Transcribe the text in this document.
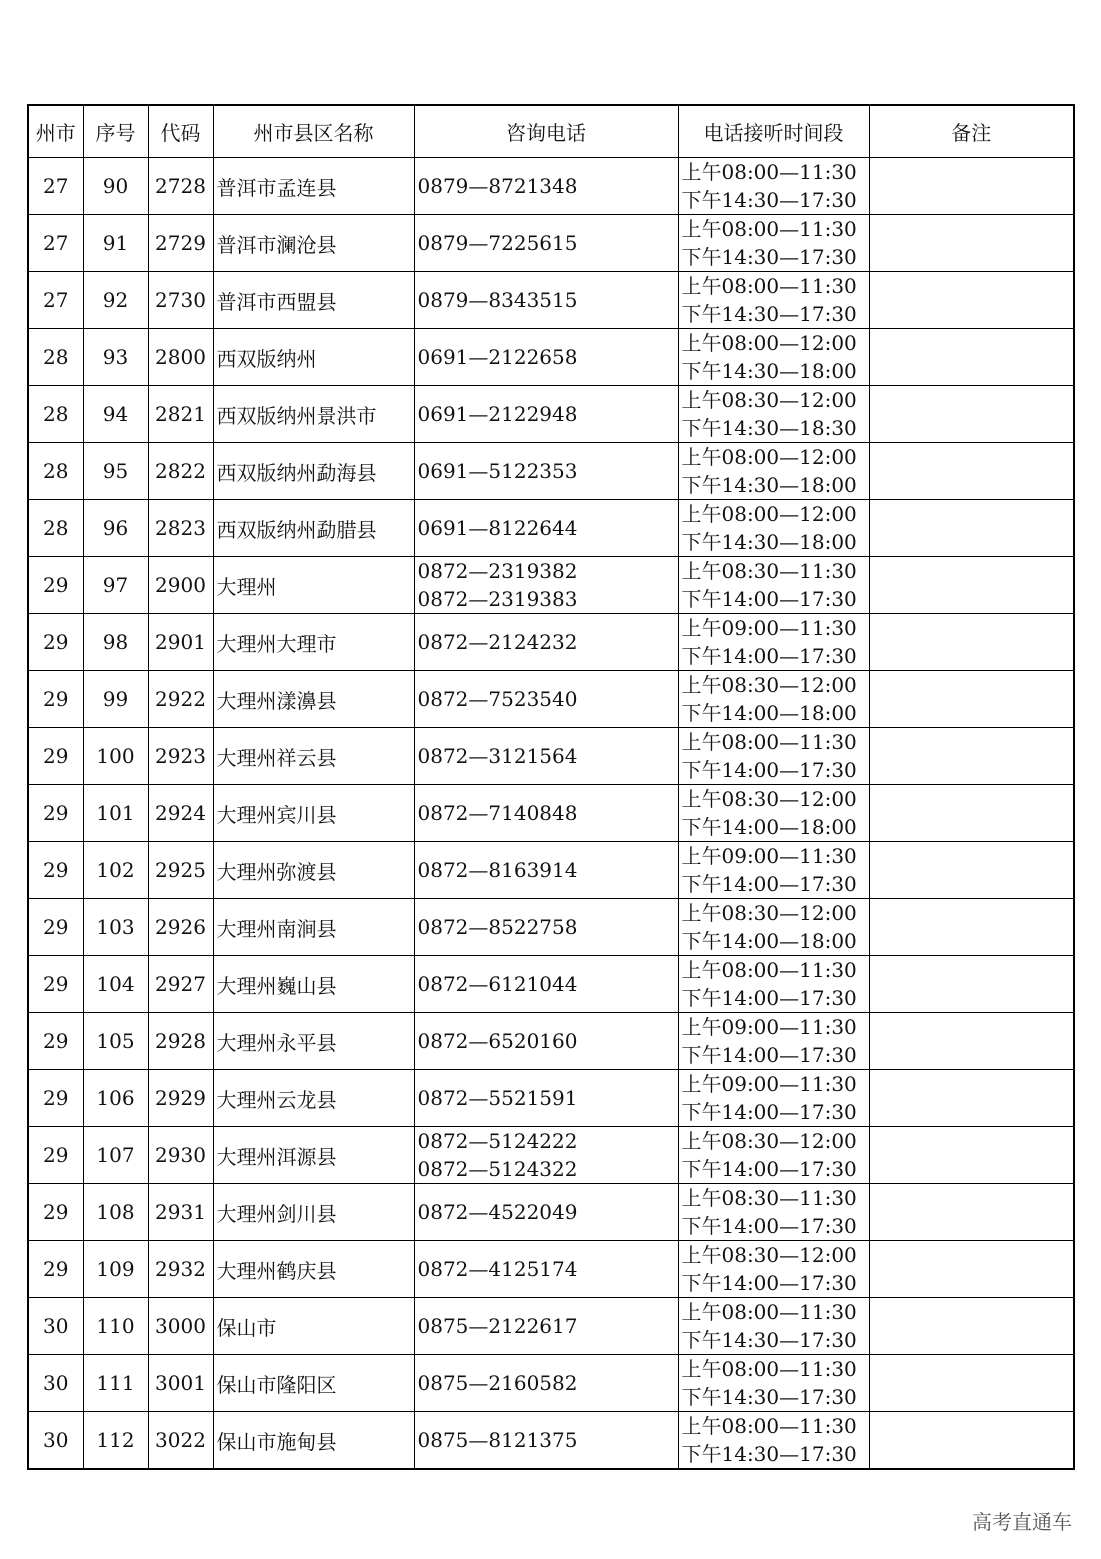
州市	序号	代码	州市县区名称	咨询电话	电话接听时间段	备注
27	90	2728	普洱市孟连县	0879—8721348	上午08:00—11:30
下午14:30—17:30	

27	91	2729	普洱市澜沧县	0879—7225615	上午08:00—11:30
下午14:30—17:30	

27	92	2730	普洱市西盟县	0879—8343515	上午08:00—11:30
下午14:30—17:30	

28	93	2800	西双版纳州	0691—2122658	上午08:00—12:00
下午14:30—18:00	

28	94	2821	西双版纳州景洪市	0691—2122948	上午08:30—12:00
下午14:30—18:30	

28	95	2822	西双版纳州勐海县	0691—5122353	上午08:00—12:00
下午14:30—18:00	

28	96	2823	西双版纳州勐腊县	0691—8122644	上午08:00—12:00
下午14:30—18:00	

29	97	2900	大理州	0872—2319382
0872—2319383	上午08:30—11:30
下午14:00—17:30	

29	98	2901	大理州大理市	0872—2124232	上午09:00—11:30
下午14:00—17:30	

29	99	2922	大理州漾濞县	0872—7523540	上午08:30—12:00
下午14:00—18:00	

29	100	2923	大理州祥云县	0872—3121564	上午08:00—11:30
下午14:00—17:30	

29	101	2924	大理州宾川县	0872—7140848	上午08:30—12:00
下午14:00—18:00	

29	102	2925	大理州弥渡县	0872—8163914	上午09:00—11:30
下午14:00—17:30	

29	103	2926	大理州南涧县	0872—8522758	上午08:30—12:00
下午14:00—18:00	

29	104	2927	大理州巍山县	0872—6121044	上午08:00—11:30
下午14:00—17:30	

29	105	2928	大理州永平县	0872—6520160	上午09:00—11:30
下午14:00—17:30	

29	106	2929	大理州云龙县	0872—5521591	上午09:00—11:30
下午14:00—17:30	

29	107	2930	大理州洱源县	0872—5124222
0872—5124322	上午08:30—12:00
下午14:00—17:30	

29	108	2931	大理州剑川县	0872—4522049	上午08:30—11:30
下午14:00—17:30	

29	109	2932	大理州鹤庆县	0872—4125174	上午08:30—12:00
下午14:00—17:30	

30	110	3000	保山市	0875—2122617	上午08:00—11:30
下午14:30—17:30	

30	111	3001	保山市隆阳区	0875—2160582	上午08:00—11:30
下午14:30—17:30	

30	112	3022	保山市施甸县	0875—8121375	上午08:00—11:30
下午14:30—17:30	

高考直通车
